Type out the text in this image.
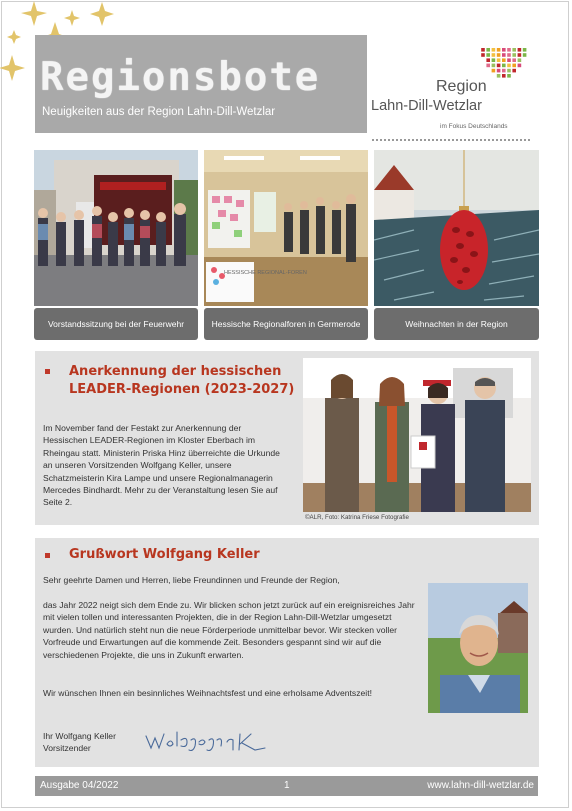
Regionsbote
Neuigkeiten aus der Region Lahn-Dill-Wetzlar
Region
Lahn-Dill-Wetzlar
im Fokus Deutschlands
HESSISCHE REGIONAL-FOREN
Vorstandssitzung bei der Feuerwehr	Hessische Regionalforen in Germerode	Weihnachten in der Region
Anerkennung der hessischen
LEADER-Regionen (2023-2027)
Im November fand der Festakt zur Anerkennung der Hessischen LEADER-Regionen im Kloster Eberbach im Rheingau statt. Ministerin Priska Hinz überreichte die Urkunde an unseren Vorsitzenden Wolfgang Keller, unsere Schatzmeisterin Kira Lampe und unsere Regionalmanagerin Mercedes Bindhardt. Mehr zu der Veranstaltung lesen Sie auf Seite 2.
©ALR, Foto: Katrina Friese Fotografie
Grußwort Wolfgang Keller
Sehr geehrte Damen und Herren, liebe Freundinnen und Freunde der Region,
das Jahr 2022 neigt sich dem Ende zu. Wir blicken schon jetzt zurück auf ein ereignisreiches Jahr mit vielen tollen und interessanten Projekten, die in der Region Lahn-Dill-Wetzlar umgesetzt wurden. Und natürlich steht nun die neue Förderperiode unmittelbar bevor. Wir stecken voller Vorfreude und Erwartungen auf die kommende Zeit. Besonders gespannt sind wir auf die verschiedenen Projekte, die uns in Zukunft erwarten.
Wir wünschen Ihnen ein besinnliches Weihnachtsfest und eine erholsame Adventszeit!
Ihr Wolfgang Keller
Vorsitzender
Ausgabe 04/2022	1	www.lahn-dill-wetzlar.de
